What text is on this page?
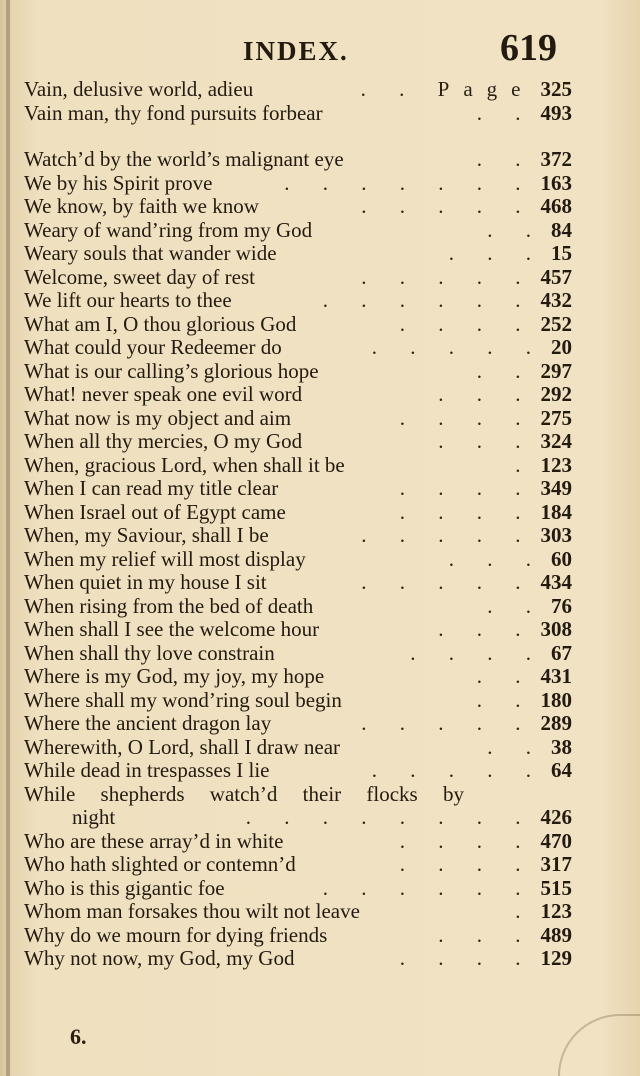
INDEX.	619
Vain, delusive world, adieu	. . Page 325
Vain man, thy fond pursuits forbear	. . 493
Watch’d by the world’s malignant eye	. . 372
We by his Spirit prove	. . . . . . . 163
We know, by faith we know	. . . . . 468
Weary of wand’ring from my God	. . 84
Weary souls that wander wide	. . . 15
Welcome, sweet day of rest	. . . . . 457
We lift our hearts to thee	. . . . . . 432
What am I, O thou glorious God	. . . . 252
What could your Redeemer do	. . . . . 20
What is our calling’s glorious hope	. . 297
What! never speak one evil word	. . . 292
What now is my object and aim	. . . . 275
When all thy mercies, O my God	. . . 324
When, gracious Lord, when shall it be	. 123
When I can read my title clear	. . . . 349
When Israel out of Egypt came	. . . . 184
When, my Saviour, shall I be	. . . . . 303
When my relief will most display	. . . 60
When quiet in my house I sit	. . . . . 434
When rising from the bed of death	. . 76
When shall I see the welcome hour	. . . 308
When shall thy love constrain	. . . . 67
Where is my God, my joy, my hope	. . 431
Where shall my wond’ring soul begin	. . 180
Where the ancient dragon lay	. . . . . 289
Wherewith, O Lord, shall I draw near	. . 38
While dead in trespasses I lie	. . . . . 64
While shepherds watch’d their flocks by
night	. . . . . . . . 426
Who are these array’d in white	. . . . 470
Who hath slighted or contemn’d	. . . . 317
Who is this gigantic foe	. . . . . . 515
Whom man forsakes thou wilt not leave	. 123
Why do we mourn for dying friends	. . . 489
Why not now, my God, my God	. . . . 129
6.
